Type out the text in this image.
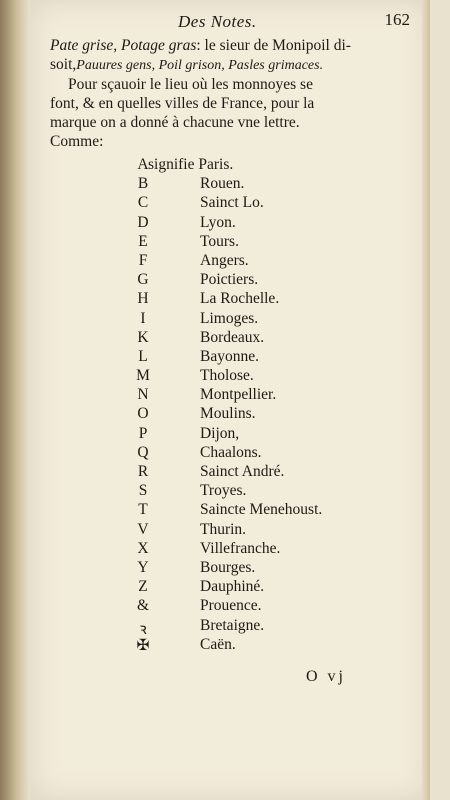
Des Notes.	162
Pate grise, Potage gras: le sieur de Monipoil di-
soit,Pauures gens, Poil grison, Pasles grimaces.
Pour sçauoir le lieu où les monnoyes se
font, & en quelles villes de France, pour la
marque on a donné à chacune vne lettre.
Comme:
A signifie Paris.
B	Rouen.
C	Sainct Lo.
D	Lyon.
E	Tours.
F	Angers.
G	Poictiers.
H	La Rochelle.
I	Limoges.
K	Bordeaux.
L	Bayonne.
M	Tholose.
N	Montpellier.
O	Moulins.
P	Dijon,
Q	Chaalons.
R	Sainct André.
S	Troyes.
T	Saincte Menehoust.
V	Thurin.
X	Villefranche.
Y	Bourges.
Z	Dauphiné.
&	Prouence.
ꝛ	Bretaigne.
✠	Caën.
O vj
